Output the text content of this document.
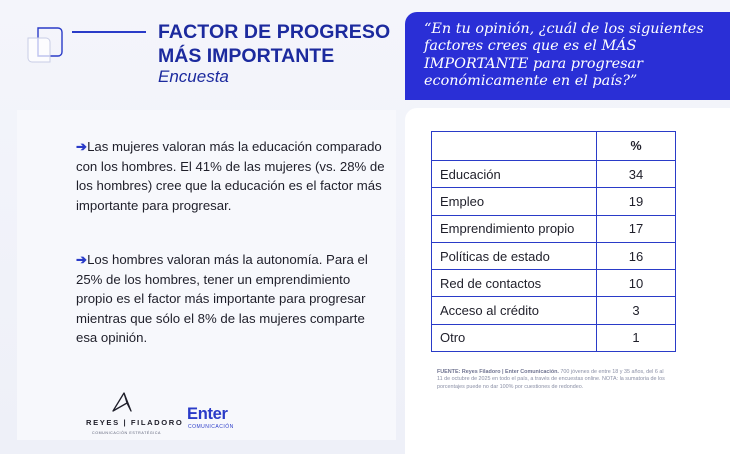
FACTOR DE PROGRESO
MÁS IMPORTANTE
Encuesta
➔Las mujeres valoran más la educación comparado con los hombres. El 41% de las mujeres (vs. 28% de los hombres) cree que la educación es el factor más importante para progresar.
➔Los hombres valoran más la autonomía. Para el 25% de los hombres, tener un emprendimiento propio es el factor más importante para progresar mientras que sólo el 8% de las mujeres comparte esa opinión.
“En tu opinión, ¿cuál de los siguientes factores crees que es el MÁS IMPORTANTE para progresar económicamente en el país?”
	%
Educación	34
Empleo	19
Emprendimiento propio	17
Políticas de estado	16
Red de contactos	10
Acceso al crédito	3
Otro	1
FUENTE: Reyes Filadoro | Enter Comunicación. 700 jóvenes de entre 18 y 35 años, del 6 al 11 de octubre de 2025 en todo el país, a través de encuestas online. NOTA: la sumatoria de los porcentajes puede no dar 100% por cuestiones de redondeo.
REYES | FILADORO
COMUNICACIÓN ESTRATÉGICA
Enter
COMUNICACIÓN
